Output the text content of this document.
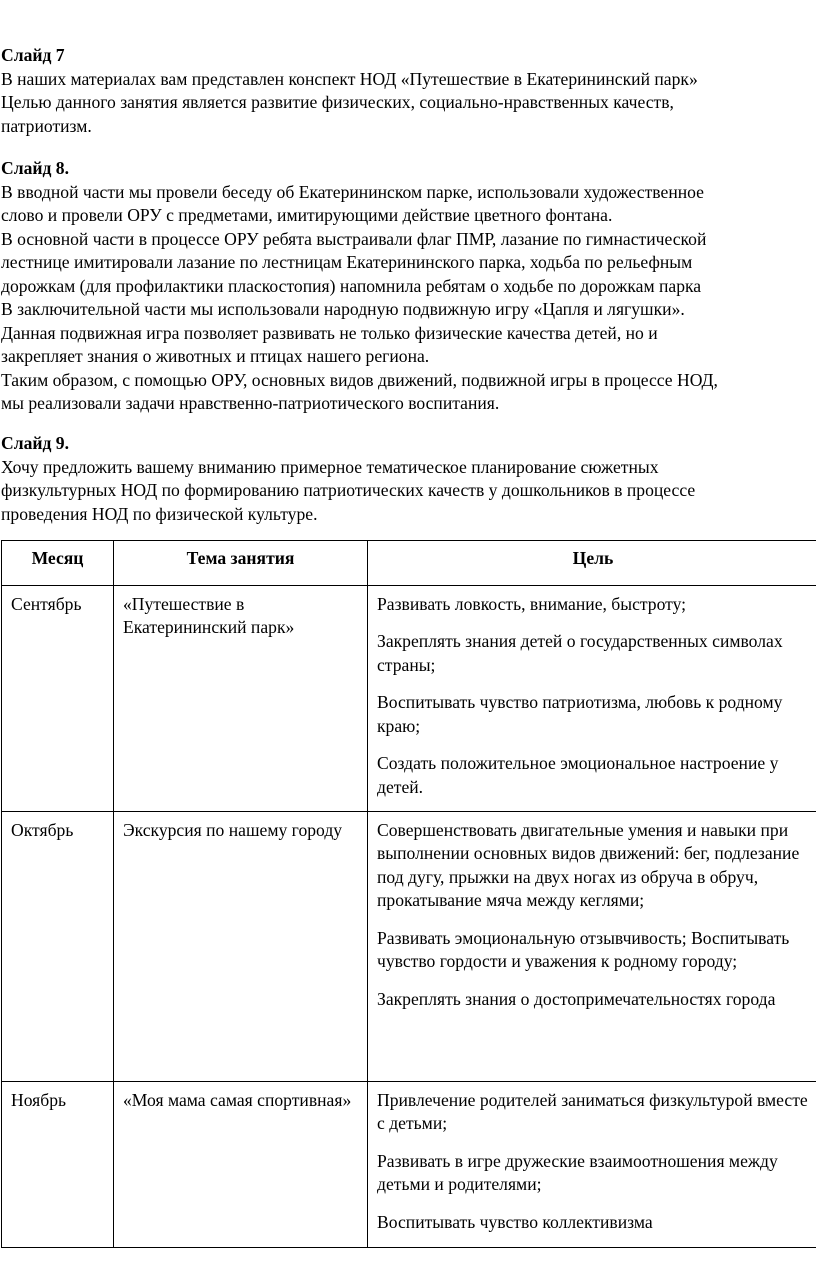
Слайд 7

В наших материалах вам представлен конспект НОД «Путешествие в Екатерининский парк»

Целью данного занятия является развитие физических, социально-нравственных качеств,

патриотизм.

Слайд 8.

В вводной части мы провели беседу об Екатерининском парке, использовали художественное

слово и провели ОРУ с предметами, имитирующими действие цветного фонтана.

В основной части в процессе ОРУ ребята выстраивали флаг ПМР, лазание по гимнастической

лестнице имитировали лазание по лестницам Екатерининского парка, ходьба по рельефным

дорожкам (для профилактики плаcкостопия) напомнила ребятам о ходьбе по дорожкам парка

В заключительной части мы использовали народную подвижную игру «Цапля и лягушки».

Данная подвижная игра позволяет развивать не только физические качества детей, но и

закрепляет знания о животных и птицах нашего региона.

Таким образом, с помощью ОРУ, основных видов движений, подвижной игры в процессе НОД,

мы реализовали задачи нравственно-патриотического воспитания.

Слайд 9.

Хочу предложить вашему вниманию примерное тематическое планирование сюжетных

физкультурных НОД по формированию патриотических качеств у дошкольников в процессе

проведения НОД по физической культуре.

Месяц	Тема занятия	Цель
Сентябрь	«Путешествие в Екатерининский парк»	Развивать ловкость, внимание, быстроту;

Закреплять знания детей о государственных символах страны;

Воспитывать чувство патриотизма, любовь к родному краю;

Создать положительное эмоциональное настроение у детей.

Октябрь	Экскурсия по нашему городу	Совершенствовать двигательные умения и навыки при выполнении основных видов движений: бег, подлезание под дугу, прыжки на двух ногах из обруча в обруч, прокатывание мяча между кеглями;

Развивать эмоциональную отзывчивость; Воспитывать чувство гордости и уважения к родному городу;

Закреплять знания о достопримечательностях города

Ноябрь	«Моя мама самая спортивная»	Привлечение родителей заниматься физкультурой вместе с детьми;

Развивать в игре дружеские взаимоотношения между детьми и родителями;

Воспитывать чувство коллективизма
